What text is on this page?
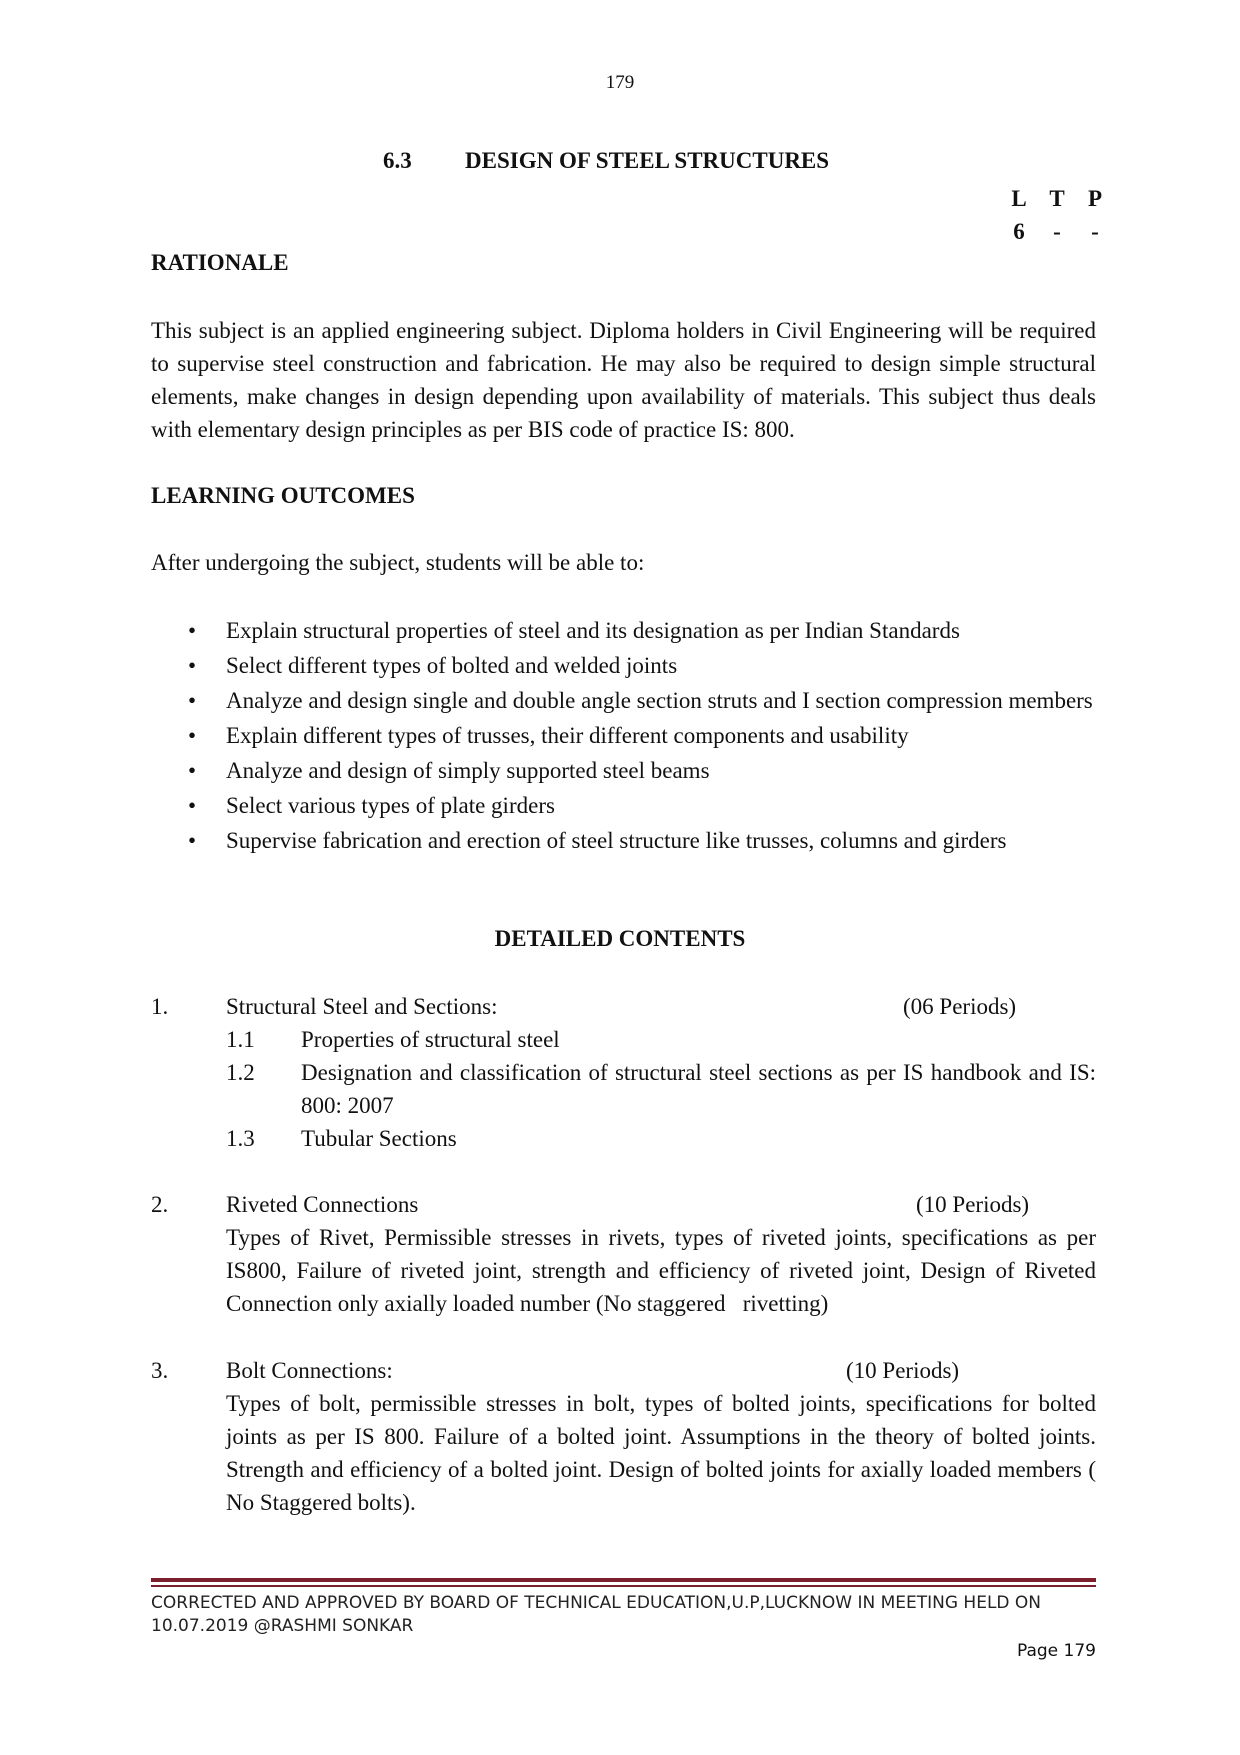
179
6.3 DESIGN OF STEEL STRUCTURES
L T P
6 - -
RATIONALE
This subject is an applied engineering subject. Diploma holders in Civil Engineering will be required to supervise steel construction and fabrication. He may also be required to design simple structural elements, make changes in design depending upon availability of materials. This subject thus deals with elementary design principles as per BIS code of practice IS: 800.
LEARNING OUTCOMES
After undergoing the subject, students will be able to:
• Explain structural properties of steel and its designation as per Indian Standards
• Select different types of bolted and welded joints
• Analyze and design single and double angle section struts and I section compression members
• Explain different types of trusses, their different components and usability
• Analyze and design of simply supported steel beams
• Select various types of plate girders
• Supervise fabrication and erection of steel structure like trusses, columns and girders
DETAILED CONTENTS
1.	Structural Steel and Sections:	(06 Periods)
1.1 Properties of structural steel
1.2 Designation and classification of structural steel sections as per IS handbook and IS: 800: 2007
1.3 Tubular Sections
2.	Riveted Connections	(10 Periods)
Types of Rivet, Permissible stresses in rivets, types of riveted joints, specifications as per IS800, Failure of riveted joint, strength and efficiency of riveted joint, Design of Riveted Connection only axially loaded number (No staggered   rivetting)
3.	Bolt Connections:	(10 Periods)
Types of bolt, permissible stresses in bolt, types of bolted joints, specifications for bolted joints as per IS 800. Failure of a bolted joint. Assumptions in the theory of bolted joints. Strength and efficiency of a bolted joint. Design of bolted joints for axially loaded members ( No Staggered bolts).
CORRECTED AND APPROVED BY BOARD OF TECHNICAL EDUCATION,U.P,LUCKNOW IN MEETING HELD ON 10.07.2019 @RASHMI SONKAR
Page 179
